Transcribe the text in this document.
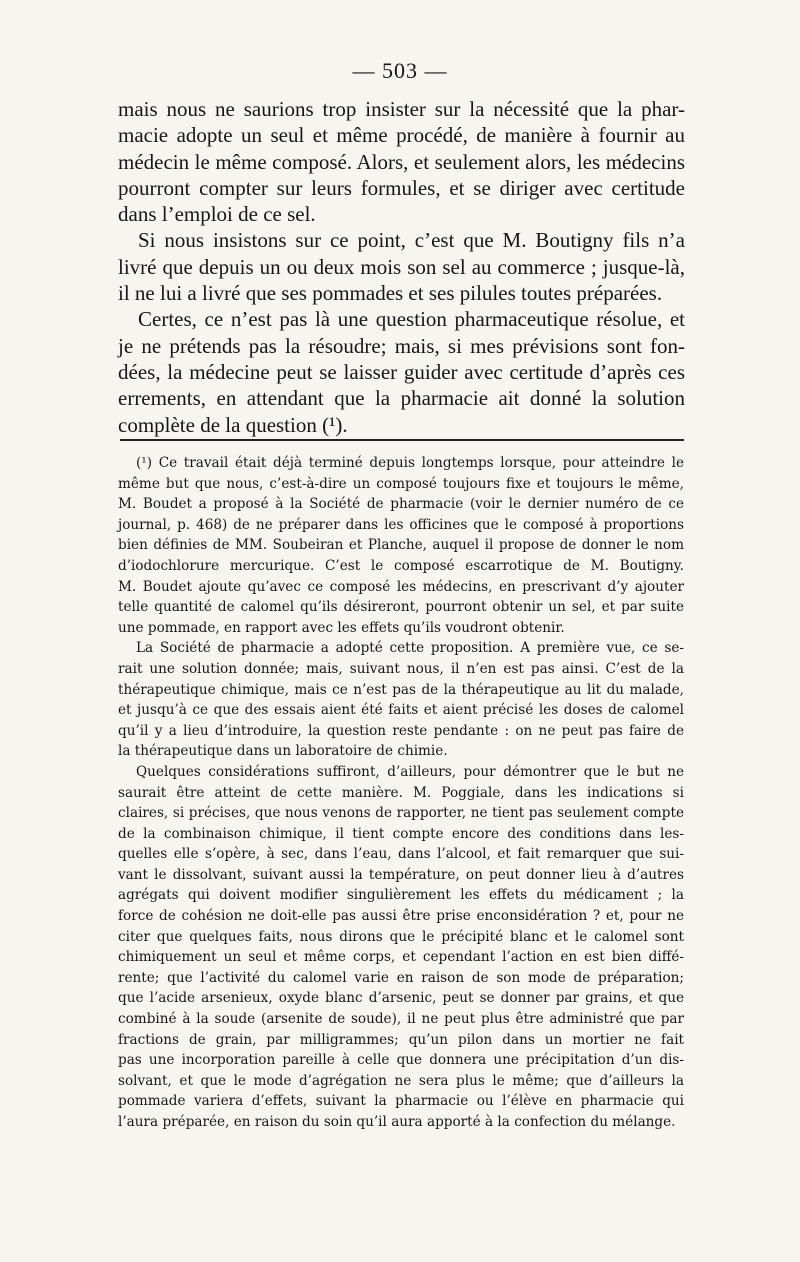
— 503 —
mais nous ne saurions trop insister sur la nécessité que la phar-
macie adopte un seul et même procédé, de manière à fournir au
médecin le même composé. Alors, et seulement alors, les médecins
pourront compter sur leurs formules, et se diriger avec certitude
dans l’emploi de ce sel.
Si nous insistons sur ce point, c’est que M. Boutigny fils n’a
livré que depuis un ou deux mois son sel au commerce ; jusque-là,
il ne lui a livré que ses pommades et ses pilules toutes préparées.
Certes, ce n’est pas là une question pharmaceutique résolue, et
je ne prétends pas la résoudre; mais, si mes prévisions sont fon-
dées, la médecine peut se laisser guider avec certitude d’après ces
errements, en attendant que la pharmacie ait donné la solution
complète de la question (¹).
(¹) Ce travail était déjà terminé depuis longtemps lorsque, pour atteindre le
même but que nous, c’est-à-dire un composé toujours fixe et toujours le même,
M. Boudet a proposé à la Société de pharmacie (voir le dernier numéro de ce
journal, p. 468) de ne préparer dans les officines que le composé à proportions
bien définies de MM. Soubeiran et Planche, auquel il propose de donner le nom
d’iodochlorure mercurique. C’est le composé escarrotique de M. Boutigny.
M. Boudet ajoute qu’avec ce composé les médecins, en prescrivant d’y ajouter
telle quantité de calomel qu’ils désireront, pourront obtenir un sel, et par suite
une pommade, en rapport avec les effets qu’ils voudront obtenir.
La Société de pharmacie a adopté cette proposition. A première vue, ce se-
rait une solution donnée; mais, suivant nous, il n’en est pas ainsi. C’est de la
thérapeutique chimique, mais ce n’est pas de la thérapeutique au lit du malade,
et jusqu’à ce que des essais aient été faits et aient précisé les doses de calomel
qu’il y a lieu d’introduire, la question reste pendante : on ne peut pas faire de
la thérapeutique dans un laboratoire de chimie.
Quelques considérations suffiront, d’ailleurs, pour démontrer que le but ne
saurait être atteint de cette manière. M. Poggiale, dans les indications si
claires, si précises, que nous venons de rapporter, ne tient pas seulement compte
de la combinaison chimique, il tient compte encore des conditions dans les-
quelles elle s’opère, à sec, dans l’eau, dans l’alcool, et fait remarquer que sui-
vant le dissolvant, suivant aussi la température, on peut donner lieu à d’autres
agrégats qui doivent modifier singulièrement les effets du médicament ; la
force de cohésion ne doit-elle pas aussi être prise enconsidération ? et, pour ne
citer que quelques faits, nous dirons que le précipité blanc et le calomel sont
chimiquement un seul et même corps, et cependant l’action en est bien diffé-
rente; que l’activité du calomel varie en raison de son mode de préparation;
que l’acide arsenieux, oxyde blanc d’arsenic, peut se donner par grains, et que
combiné à la soude (arsenite de soude), il ne peut plus être administré que par
fractions de grain, par milligrammes; qu’un pilon dans un mortier ne fait
pas une incorporation pareille à celle que donnera une précipitation d’un dis-
solvant, et que le mode d’agrégation ne sera plus le même; que d’ailleurs la
pommade variera d’effets, suivant la pharmacie ou l’élève en pharmacie qui
l’aura préparée, en raison du soin qu’il aura apporté à la confection du mélange.
